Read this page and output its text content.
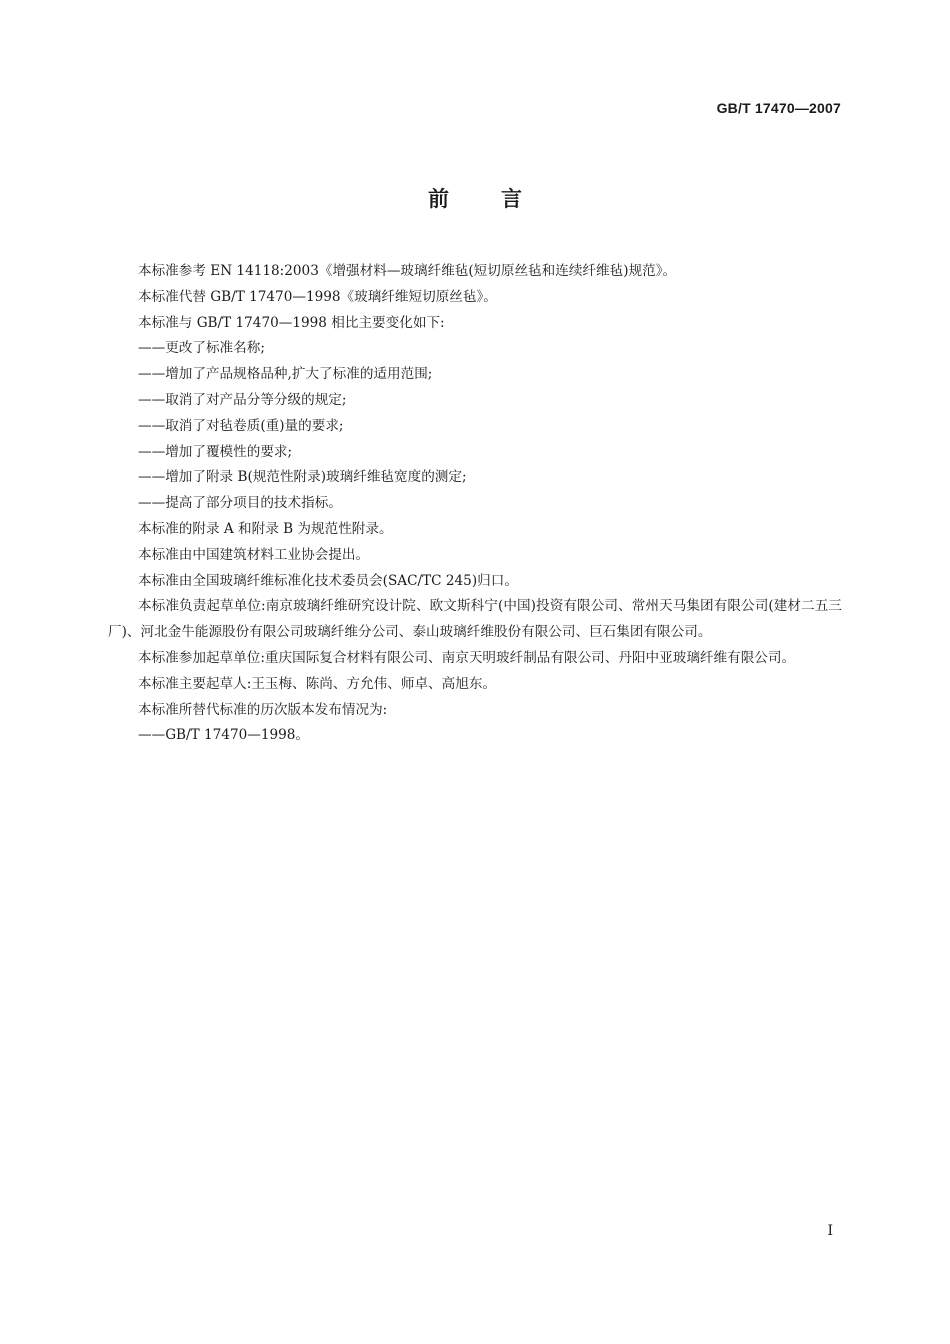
GB/T 17470—2007
前言

本标准参考 EN 14118:2003《增强材料—玻璃纤维毡(短切原丝毡和连续纤维毡)规范》。

本标准代替 GB/T 17470—1998《玻璃纤维短切原丝毡》。

本标准与 GB/T 17470—1998 相比主要变化如下:

——更改了标准名称;

——增加了产品规格品种,扩大了标准的适用范围;

——取消了对产品分等分级的规定;

——取消了对毡卷质(重)量的要求;

——增加了覆模性的要求;

——增加了附录 B(规范性附录)玻璃纤维毡宽度的测定;

——提高了部分项目的技术指标。

本标准的附录 A 和附录 B 为规范性附录。

本标准由中国建筑材料工业协会提出。

本标准由全国玻璃纤维标准化技术委员会(SAC/TC 245)归口。

本标准负责起草单位:南京玻璃纤维研究设计院、欧文斯科宁(中国)投资有限公司、常州天马集团有限公司(建材二五三厂)、河北金牛能源股份有限公司玻璃纤维分公司、泰山玻璃纤维股份有限公司、巨石集团有限公司。

本标准参加起草单位:重庆国际复合材料有限公司、南京天明玻纤制品有限公司、丹阳中亚玻璃纤维有限公司。

本标准主要起草人:王玉梅、陈尚、方允伟、师卓、高旭东。

本标准所替代标准的历次版本发布情况为:

——GB/T 17470—1998。

I
